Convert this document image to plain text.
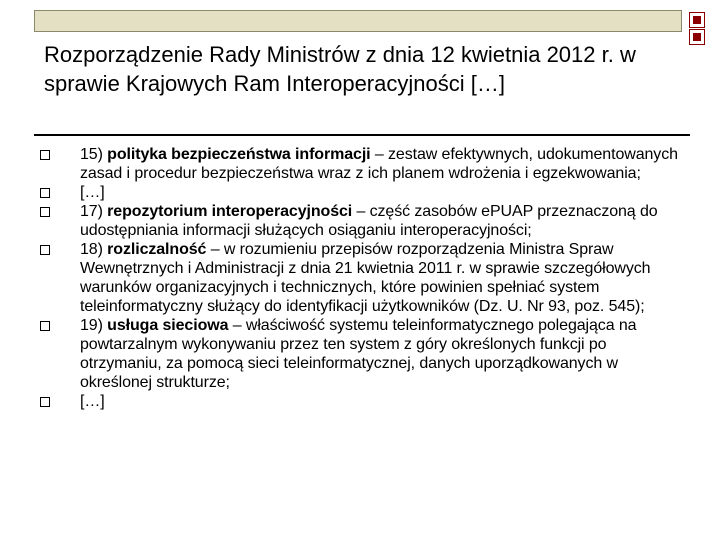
Rozporządzenie Rady Ministrów z dnia 12 kwietnia 2012 r. w sprawie Krajowych Ram Interoperacyjności […]
15) polityka bezpieczeństwa informacji – zestaw efektywnych, udokumentowanych zasad i procedur bezpieczeństwa wraz z ich planem wdrożenia i egzekwowania;
[…]
17) repozytorium interoperacyjności – część zasobów ePUAP przeznaczoną do udostępniania informacji służących osiąganiu interoperacyjności;
18) rozliczalność – w rozumieniu przepisów rozporządzenia Ministra Spraw Wewnętrznych i Administracji z dnia 21 kwietnia 2011 r. w sprawie szczegółowych warunków organizacyjnych i technicznych, które powinien spełniać system teleinformatyczny służący do identyfikacji użytkowników (Dz. U. Nr 93, poz. 545);
19) usługa sieciowa – właściwość systemu teleinformatycznego polegająca na powtarzalnym wykonywaniu przez ten system z góry określonych funkcji po otrzymaniu, za pomocą sieci teleinformatycznej, danych uporządkowanych w określonej strukturze;
[…]
